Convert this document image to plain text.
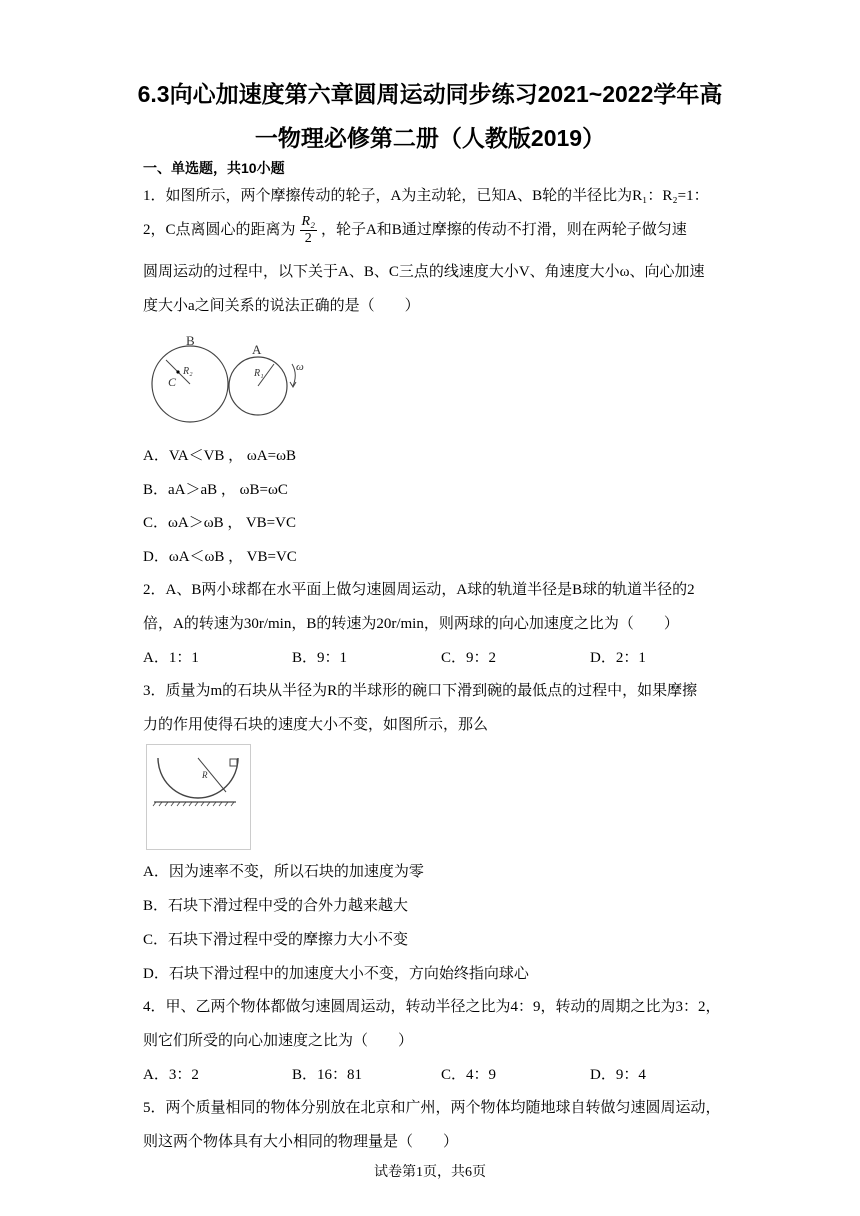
6.3向心加速度第六章圆周运动同步练习2021~2022学年高
一物理必修第二册（人教版2019）
一、单选题，共10小题
1．如图所示，两个摩擦传动的轮子，A为主动轮，已知A、B轮的半径比为R₁：R₂=1：
2，C点离圆心的距离为 $\frac{\text{R₂}}{2}$ ，轮子A和B通过摩擦的传动不打滑，则在两轮子做匀速
圆周运动的过程中，以下关于A、B、C三点的线速度大小V、角速度大小ω、向心加速
度大小a之间关系的说法正确的是（　　）
B
A
C
R₂	R₁
ω
A．VA＜VB ， ωA=ωB
B．aA＞aB ， ωB=ωC
C．ωA＞ωB ， VB=VC
D．ωA＜ωB ， VB=VC
2．A、B两小球都在水平面上做匀速圆周运动，A球的轨道半径是B球的轨道半径的2
倍，A的转速为30r/min，B的转速为20r/min，则两球的向心加速度之比为（　　）
A．1：1	B．9：1	C．9：2	D．2：1
3．质量为m的石块从半径为R的半球形的碗口下滑到碗的最低点的过程中，如果摩擦
力的作用使得石块的速度大小不变，如图所示，那么
R
A．因为速率不变，所以石块的加速度为零
B．石块下滑过程中受的合外力越来越大
C．石块下滑过程中受的摩擦力大小不变
D．石块下滑过程中的加速度大小不变，方向始终指向球心
4．甲、乙两个物体都做匀速圆周运动，转动半径之比为4：9，转动的周期之比为3：2，
则它们所受的向心加速度之比为（　　）
A．3：2	B．16：81	C．4：9	D．9：4
5．两个质量相同的物体分别放在北京和广州，两个物体均随地球自转做匀速圆周运动，
则这两个物体具有大小相同的物理量是（　　）
试卷第1页，共6页
